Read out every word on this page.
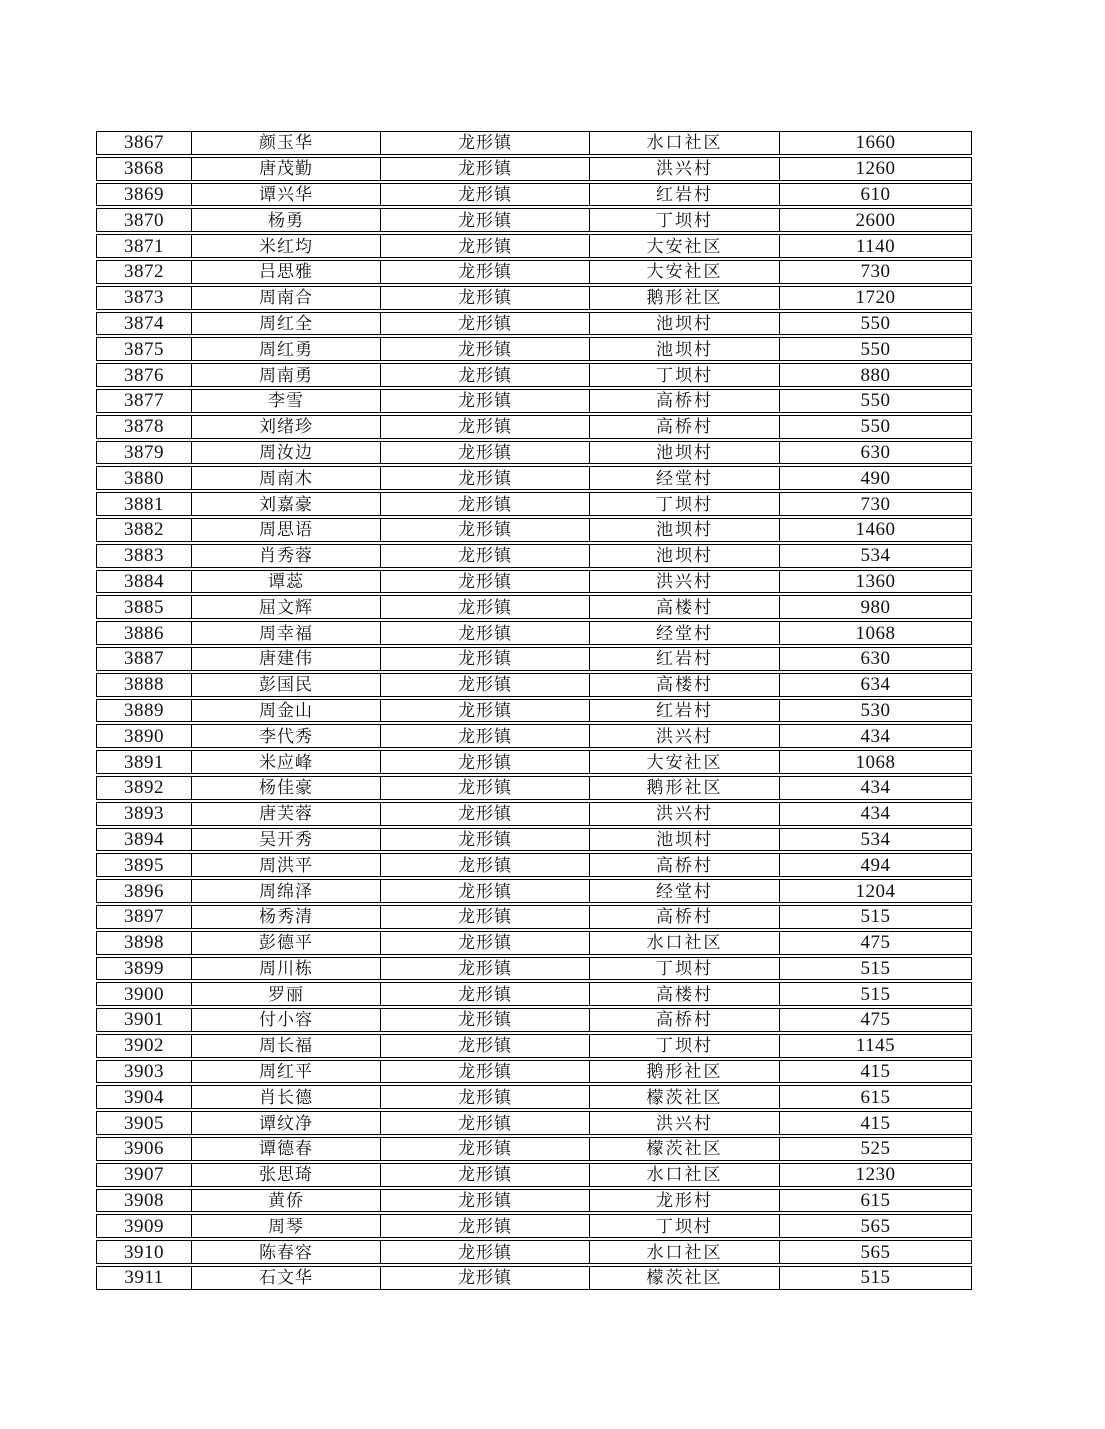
3867	颜玉华	龙形镇	水口社区	1660
3868	唐茂勤	龙形镇	洪兴村	1260
3869	谭兴华	龙形镇	红岩村	610
3870	杨勇	龙形镇	丁坝村	2600
3871	米红均	龙形镇	大安社区	1140
3872	吕思雅	龙形镇	大安社区	730
3873	周南合	龙形镇	鹅形社区	1720
3874	周红全	龙形镇	池坝村	550
3875	周红勇	龙形镇	池坝村	550
3876	周南勇	龙形镇	丁坝村	880
3877	李雪	龙形镇	高桥村	550
3878	刘绪珍	龙形镇	高桥村	550
3879	周汝边	龙形镇	池坝村	630
3880	周南木	龙形镇	经堂村	490
3881	刘嘉豪	龙形镇	丁坝村	730
3882	周思语	龙形镇	池坝村	1460
3883	肖秀蓉	龙形镇	池坝村	534
3884	谭蕊	龙形镇	洪兴村	1360
3885	屈文辉	龙形镇	高楼村	980
3886	周幸福	龙形镇	经堂村	1068
3887	唐建伟	龙形镇	红岩村	630
3888	彭国民	龙形镇	高楼村	634
3889	周金山	龙形镇	红岩村	530
3890	李代秀	龙形镇	洪兴村	434
3891	米应峰	龙形镇	大安社区	1068
3892	杨佳豪	龙形镇	鹅形社区	434
3893	唐芙蓉	龙形镇	洪兴村	434
3894	吴开秀	龙形镇	池坝村	534
3895	周洪平	龙形镇	高桥村	494
3896	周绵泽	龙形镇	经堂村	1204
3897	杨秀清	龙形镇	高桥村	515
3898	彭德平	龙形镇	水口社区	475
3899	周川栋	龙形镇	丁坝村	515
3900	罗丽	龙形镇	高楼村	515
3901	付小容	龙形镇	高桥村	475
3902	周长福	龙形镇	丁坝村	1145
3903	周红平	龙形镇	鹅形社区	415
3904	肖长德	龙形镇	檬茨社区	615
3905	谭纹净	龙形镇	洪兴村	415
3906	谭德春	龙形镇	檬茨社区	525
3907	张思琦	龙形镇	水口社区	1230
3908	黄侨	龙形镇	龙形村	615
3909	周琴	龙形镇	丁坝村	565
3910	陈春容	龙形镇	水口社区	565
3911	石文华	龙形镇	檬茨社区	515
